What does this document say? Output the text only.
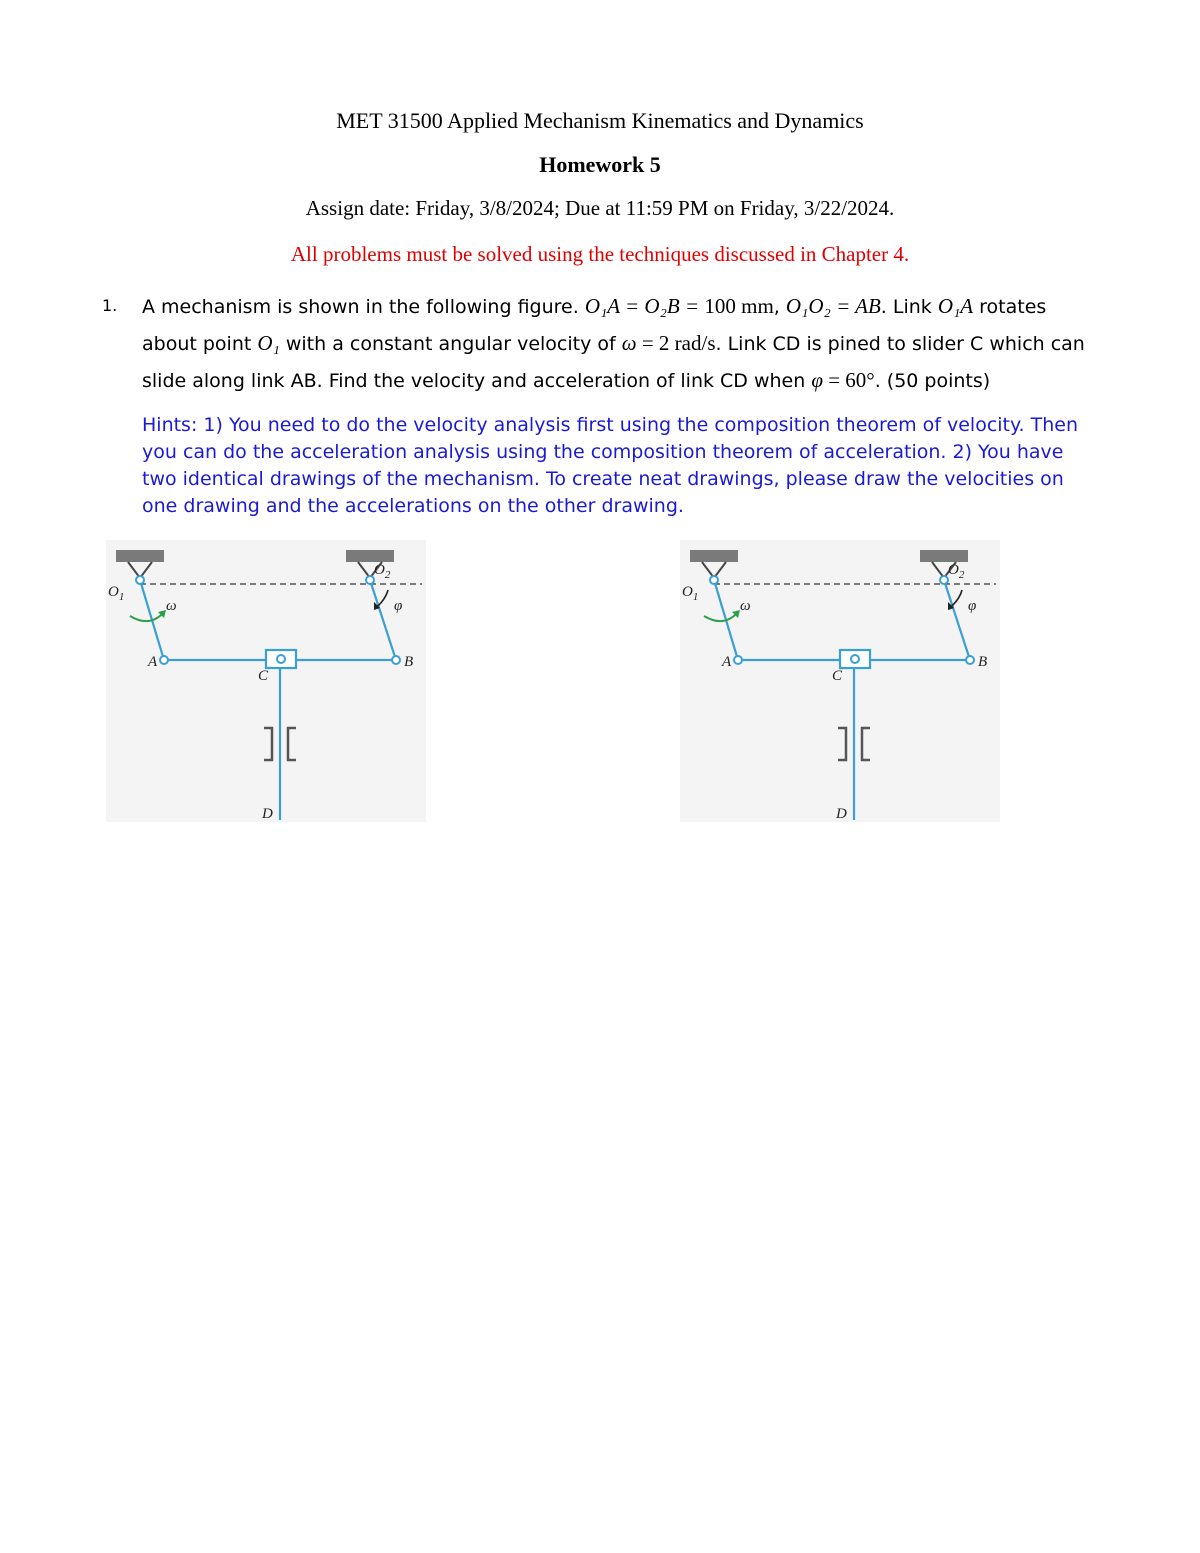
MET 31500 Applied Mechanism Kinematics and Dynamics
Homework 5
Assign date: Friday, 3/8/2024; Due at 11:59 PM on Friday, 3/22/2024.
All problems must be solved using the techniques discussed in Chapter 4.
1. A mechanism is shown in the following figure. O₁A = O₂B = 100 mm, O₁O₂ = AB. Link O₁A rotates about point O₁ with a constant angular velocity of ω = 2 rad/s. Link CD is pined to slider C which can slide along link AB. Find the velocity and acceleration of link CD when φ = 60°. (50 points)
Hints: 1) You need to do the velocity analysis first using the composition theorem of velocity. Then you can do the acceleration analysis using the composition theorem of acceleration. 2) You have two identical drawings of the mechanism. To create neat drawings, please draw the velocities on one drawing and the accelerations on the other drawing.
$O_1$
$O_2$
ω	φ
A	B
C
D
$O_1$
$O_2$
ω	φ
A	B
C
D
